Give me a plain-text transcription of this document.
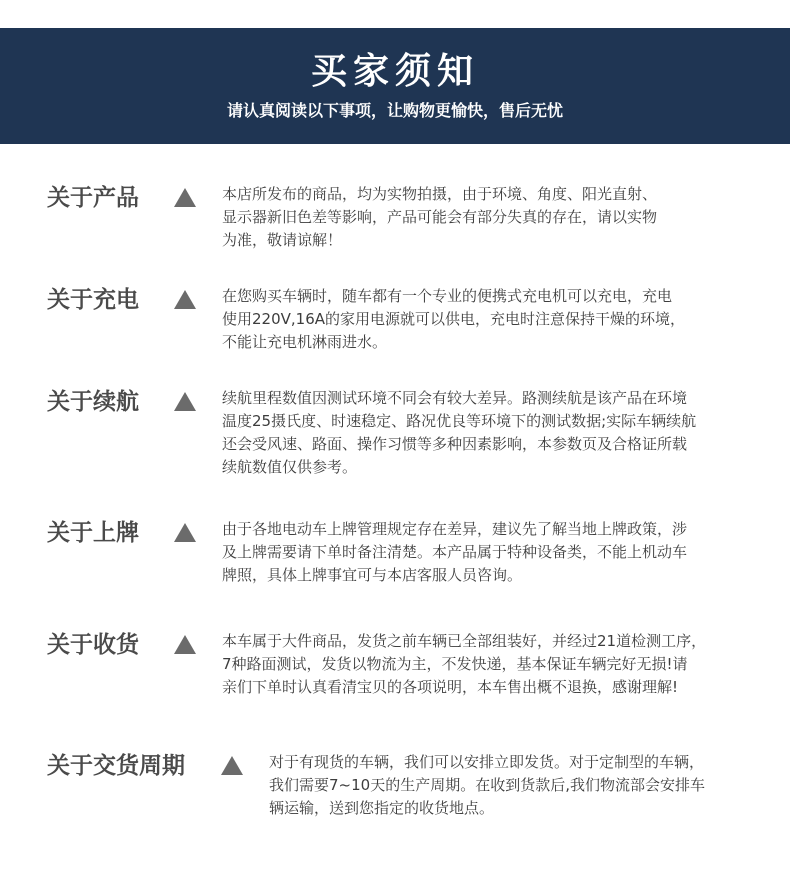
买家须知
请认真阅读以下事项，让购物更愉快，售后无忧
关于产品	本店所发布的商品，均为实物拍摄，由于环境、角度、阳光直射、
显示器新旧色差等影响，产品可能会有部分失真的存在，请以实物
为准，敬请谅解！
关于充电	在您购买车辆时，随车都有一个专业的便携式充电机可以充电，充电
使用220V,16A的家用电源就可以供电，充电时注意保持干燥的环境，
不能让充电机淋雨进水。
关于续航	续航里程数值因测试环境不同会有较大差异。路测续航是该产品在环境
温度25摄氏度、时速稳定、路况优良等环境下的测试数据;实际车辆续航
还会受风速、路面、操作习惯等多种因素影响，本参数页及合格证所载
续航数值仅供参考。
关于上牌	由于各地电动车上牌管理规定存在差异，建议先了解当地上牌政策，涉
及上牌需要请下单时备注清楚。本产品属于特种设备类，不能上机动车
牌照，具体上牌事宜可与本店客服人员咨询。
关于收货	本车属于大件商品，发货之前车辆已全部组装好，并经过21道检测工序，
7种路面测试，发货以物流为主，不发快递，基本保证车辆完好无损!请
亲们下单时认真看清宝贝的各项说明，本车售出概不退换，感谢理解!
关于交货周期	对于有现货的车辆，我们可以安排立即发货。对于定制型的车辆，
我们需要7~10天的生产周期。在收到货款后,我们物流部会安排车
辆运输，送到您指定的收货地点。
